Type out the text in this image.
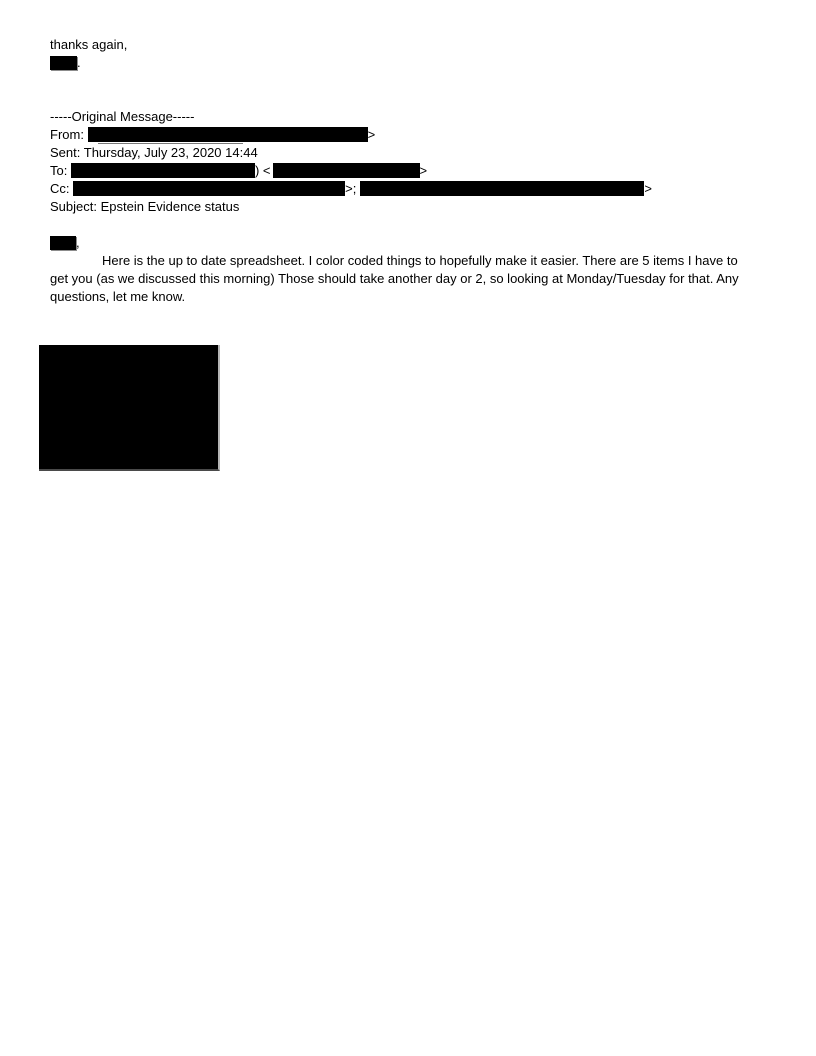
thanks again,
.
-----Original Message-----
From:	>
Sent: Thursday, July 23, 2020 14:44
To:	) <	>
Cc:	>;	>
Subject: Epstein Evidence status
,
Here is the up to date spreadsheet. I color coded things to hopefully make it easier. There are 5 items I have to
get you (as we discussed this morning) Those should take another day or 2, so looking at Monday/Tuesday for that. Any
questions, let me know.
